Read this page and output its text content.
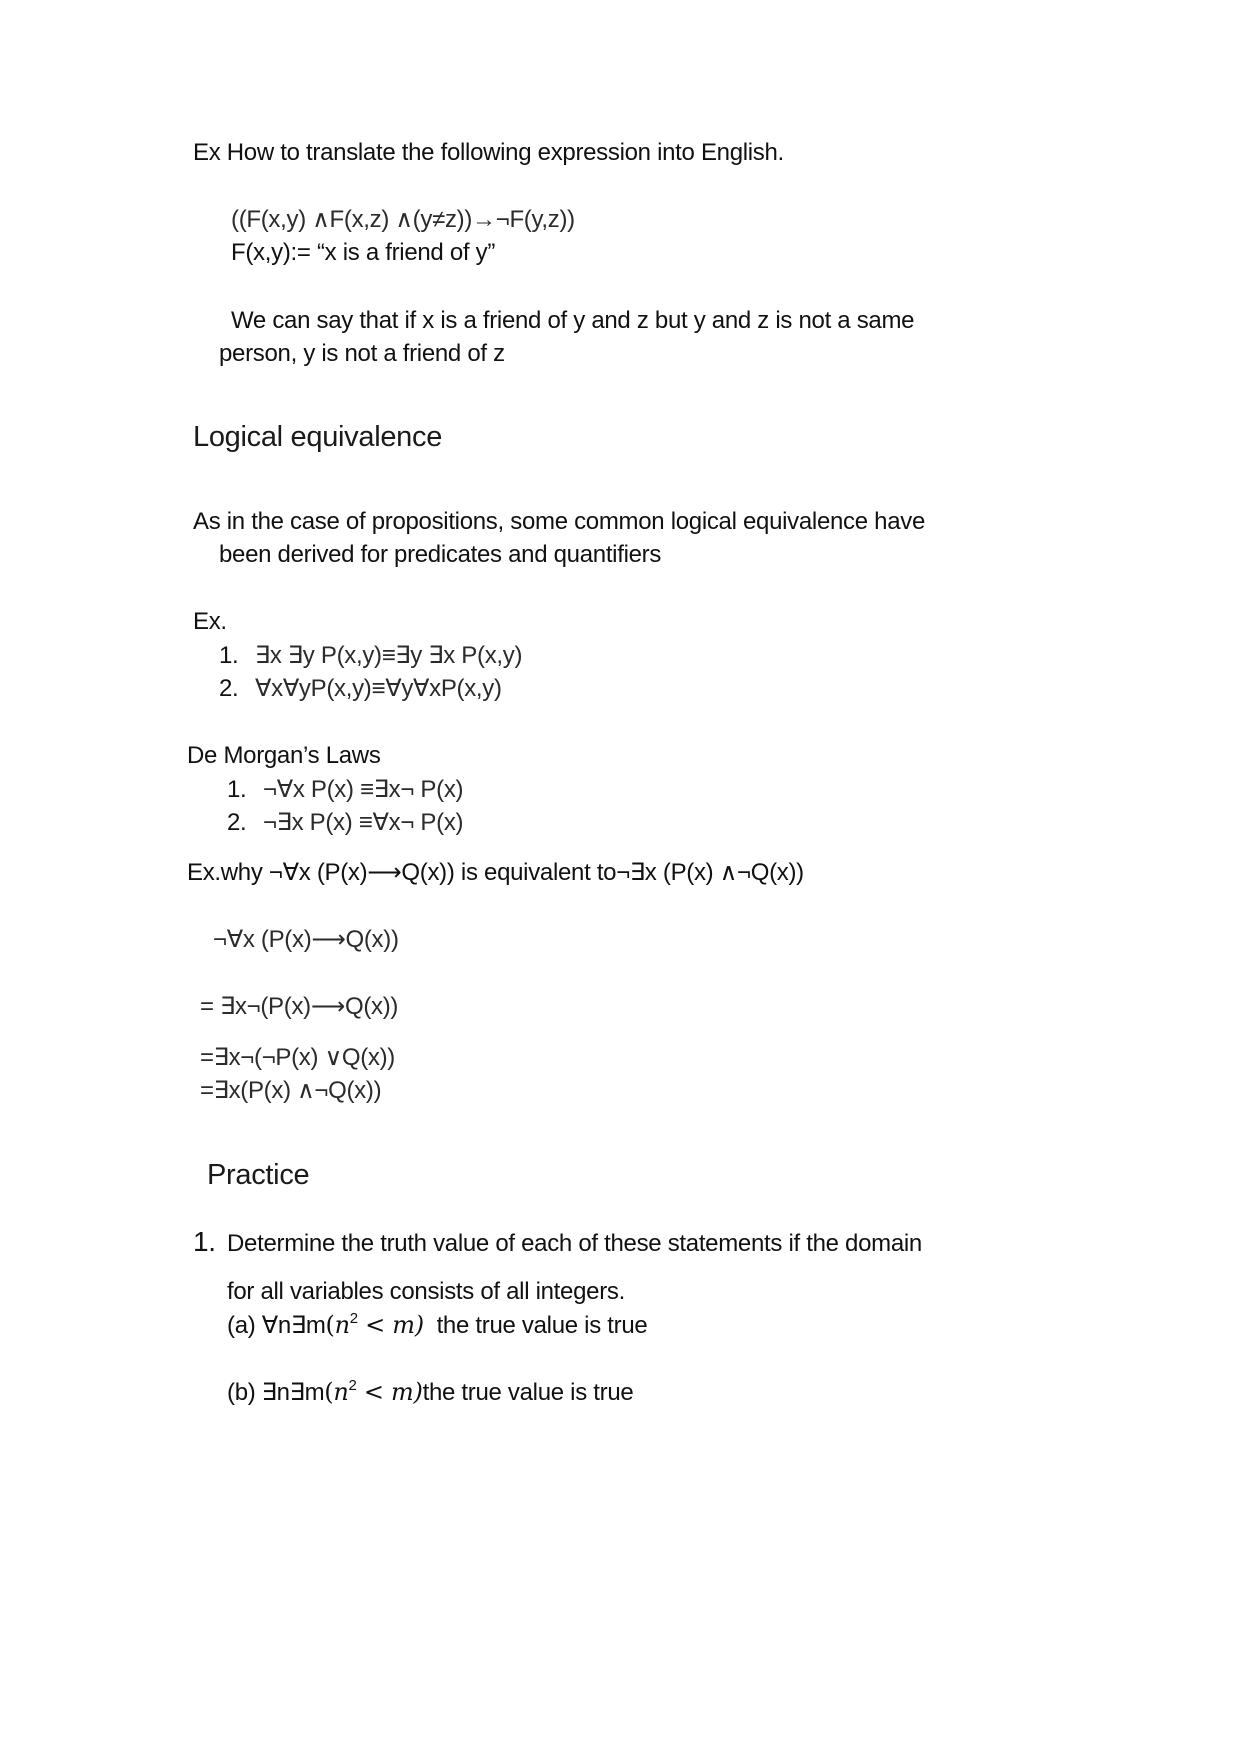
Ex How to translate the following expression into English.
((F(x,y) ∧F(x,z) ∧(y≠z))→¬F(y,z))
F(x,y):= “x is a friend of y”
We can say that if x is a friend of y and z but y and z is not a same
person, y is not a friend of z
Logical equivalence
As in the case of propositions, some common logical equivalence have
been derived for predicates and quantifiers
Ex.
1. ∃x ∃y P(x,y)≡∃y ∃x P(x,y)
2. ∀x∀yP(x,y)≡∀y∀xP(x,y)
De Morgan’s Laws
1. ¬∀x P(x) ≡∃x¬ P(x)
2. ¬∃x P(x) ≡∀x¬ P(x)
Ex.why ¬∀x (P(x)⟶Q(x)) is equivalent to¬∃x (P(x) ∧¬Q(x))
¬∀x (P(x)⟶Q(x))
= ∃x¬(P(x)⟶Q(x))
=∃x¬(¬P(x) ∨Q(x))
=∃x(P(x) ∧¬Q(x))
Practice
1. Determine the truth value of each of these statements if the domain
for all variables consists of all integers.
(a) $\forall n\exists m(n^2 < m)$  the true value is true
(b) $\exists n\exists m(n^2 < m)the$ true value is true
